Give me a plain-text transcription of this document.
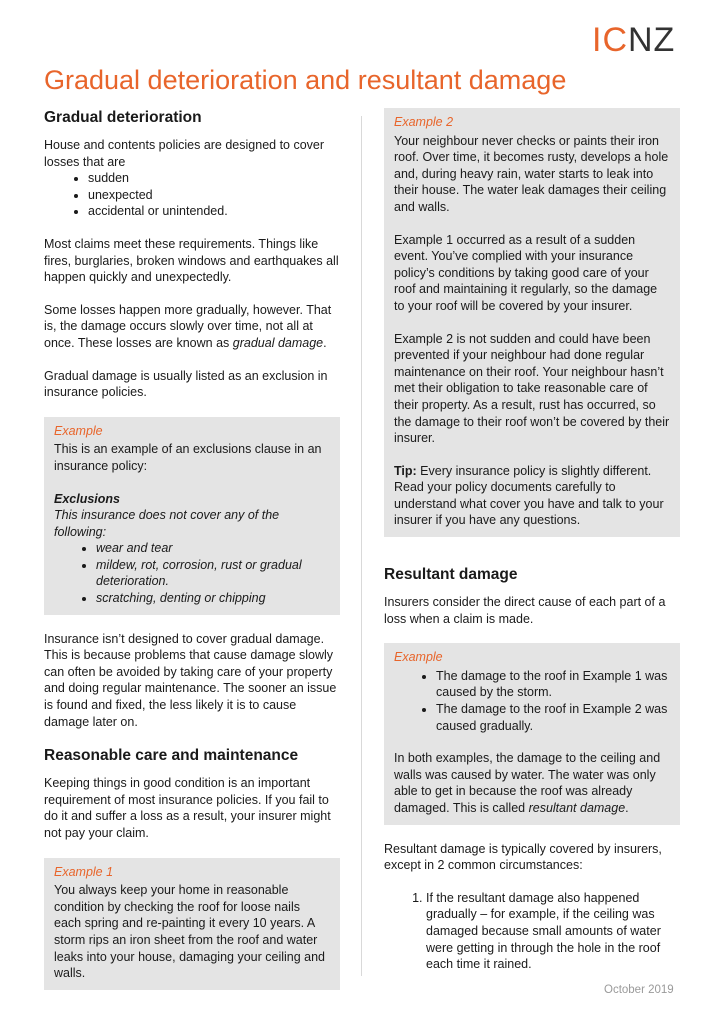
ICNZ
Gradual deterioration and resultant damage
Gradual deterioration

House and contents policies are designed to cover losses that are

• sudden
• unexpected
• accidental or unintended.

Most claims meet these requirements. Things like fires, burglaries, broken windows and earthquakes all happen quickly and unexpectedly.

Some losses happen more gradually, however. That is, the damage occurs slowly over time, not all at once. These losses are known as gradual damage.

Gradual damage is usually listed as an exclusion in insurance policies.

Example

This is an example of an exclusions clause in an insurance policy:

Exclusions
This insurance does not cover any of the following:
• wear and tear
• mildew, rot, corrosion, rust or gradual deterioration.
• scratching, denting or chipping

Insurance isn’t designed to cover gradual damage. This is because problems that cause damage slowly can often be avoided by taking care of your property and doing regular maintenance. The sooner an issue is found and fixed, the less likely it is to cause damage later on.

Reasonable care and maintenance

Keeping things in good condition is an important requirement of most insurance policies. If you fail to do it and suffer a loss as a result, your insurer might not pay your claim.

Example 1

You always keep your home in reasonable condition by checking the roof for loose nails each spring and re-painting it every 10 years. A storm rips an iron sheet from the roof and water leaks into your house, damaging your ceiling and walls.

Example 2

Your neighbour never checks or paints their iron roof. Over time, it becomes rusty, develops a hole and, during heavy rain, water starts to leak into their house. The water leak damages their ceiling and walls.

Example 1 occurred as a result of a sudden event. You’ve complied with your insurance policy’s conditions by taking good care of your roof and maintaining it regularly, so the damage to your roof will be covered by your insurer.

Example 2 is not sudden and could have been prevented if your neighbour had done regular maintenance on their roof. Your neighbour hasn’t met their obligation to take reasonable care of their property. As a result, rust has occurred, so the damage to their roof won’t be covered by their insurer.

Tip: Every insurance policy is slightly different. Read your policy documents carefully to understand what cover you have and talk to your insurer if you have any questions.

Resultant damage

Insurers consider the direct cause of each part of a loss when a claim is made.

Example
• The damage to the roof in Example 1 was caused by the storm.
• The damage to the roof in Example 2 was caused gradually.

In both examples, the damage to the ceiling and walls was caused by water. The water was only able to get in because the roof was already damaged. This is called resultant damage.

Resultant damage is typically covered by insurers, except in 2 common circumstances:

1. If the resultant damage also happened gradually – for example, if the ceiling was damaged because small amounts of water were getting in through the hole in the roof each time it rained.
October 2019
